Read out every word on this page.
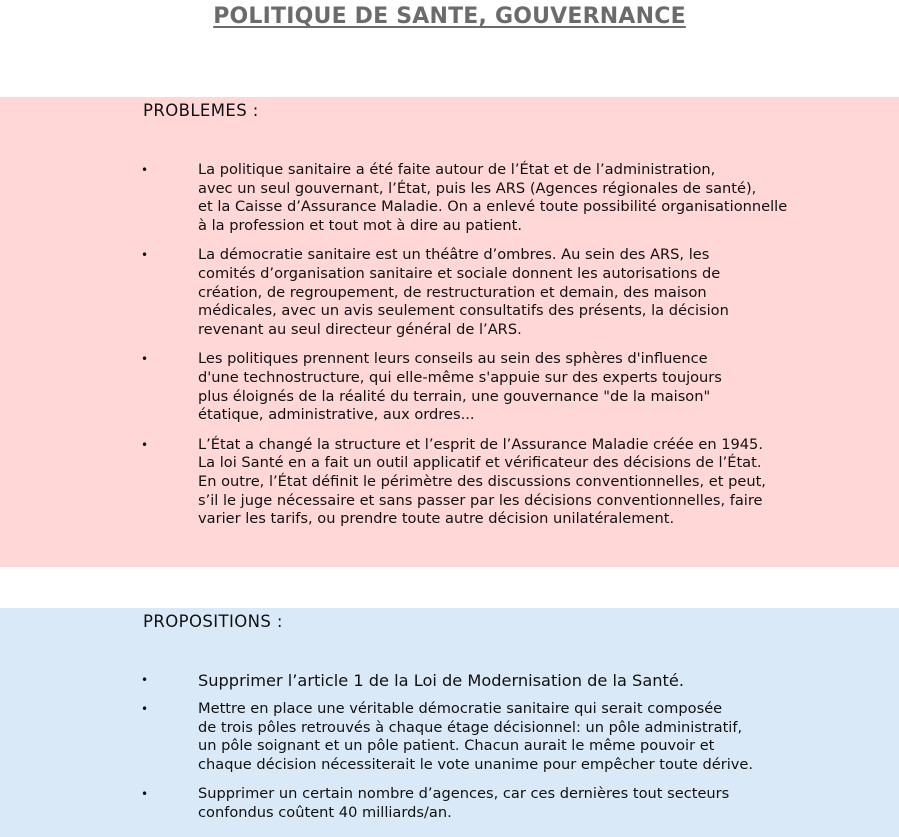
POLITIQUE DE SANTE, GOUVERNANCE
PROBLEMES :
•	La politique sanitaire a été faite autour de l’État et de l’administration,
avec un seul gouvernant, l’État, puis les ARS (Agences régionales de santé),
et la Caisse d’Assurance Maladie. On a enlevé toute possibilité organisationnelle
à la profession et tout mot à dire au patient.
•	La démocratie sanitaire est un théâtre d’ombres. Au sein des ARS, les
comités d’organisation sanitaire et sociale donnent les autorisations de
création, de regroupement, de restructuration et demain, des maison
médicales, avec un avis seulement consultatifs des présents, la décision
revenant au seul directeur général de l’ARS.
•	Les politiques prennent leurs conseils au sein des sphères d'influence
d'une technostructure, qui elle-même s'appuie sur des experts toujours
plus éloignés de la réalité du terrain, une gouvernance "de la maison"
étatique, administrative, aux ordres...
•	L’État a changé la structure et l’esprit de l’Assurance Maladie créée en 1945.
La loi Santé en a fait un outil applicatif et vérificateur des décisions de l’État.
En outre, l’État définit le périmètre des discussions conventionnelles, et peut,
s’il le juge nécessaire et sans passer par les décisions conventionnelles, faire
varier les tarifs, ou prendre toute autre décision unilatéralement.
PROPOSITIONS :
•	Supprimer l’article 1 de la Loi de Modernisation de la Santé.
•	Mettre en place une véritable démocratie sanitaire qui serait composée
de trois pôles retrouvés à chaque étage décisionnel: un pôle administratif,
un pôle soignant et un pôle patient. Chacun aurait le même pouvoir et
chaque décision nécessiterait le vote unanime pour empêcher toute dérive.
•	Supprimer un certain nombre d’agences, car ces dernières tout secteurs
confondus coûtent 40 milliards/an.
